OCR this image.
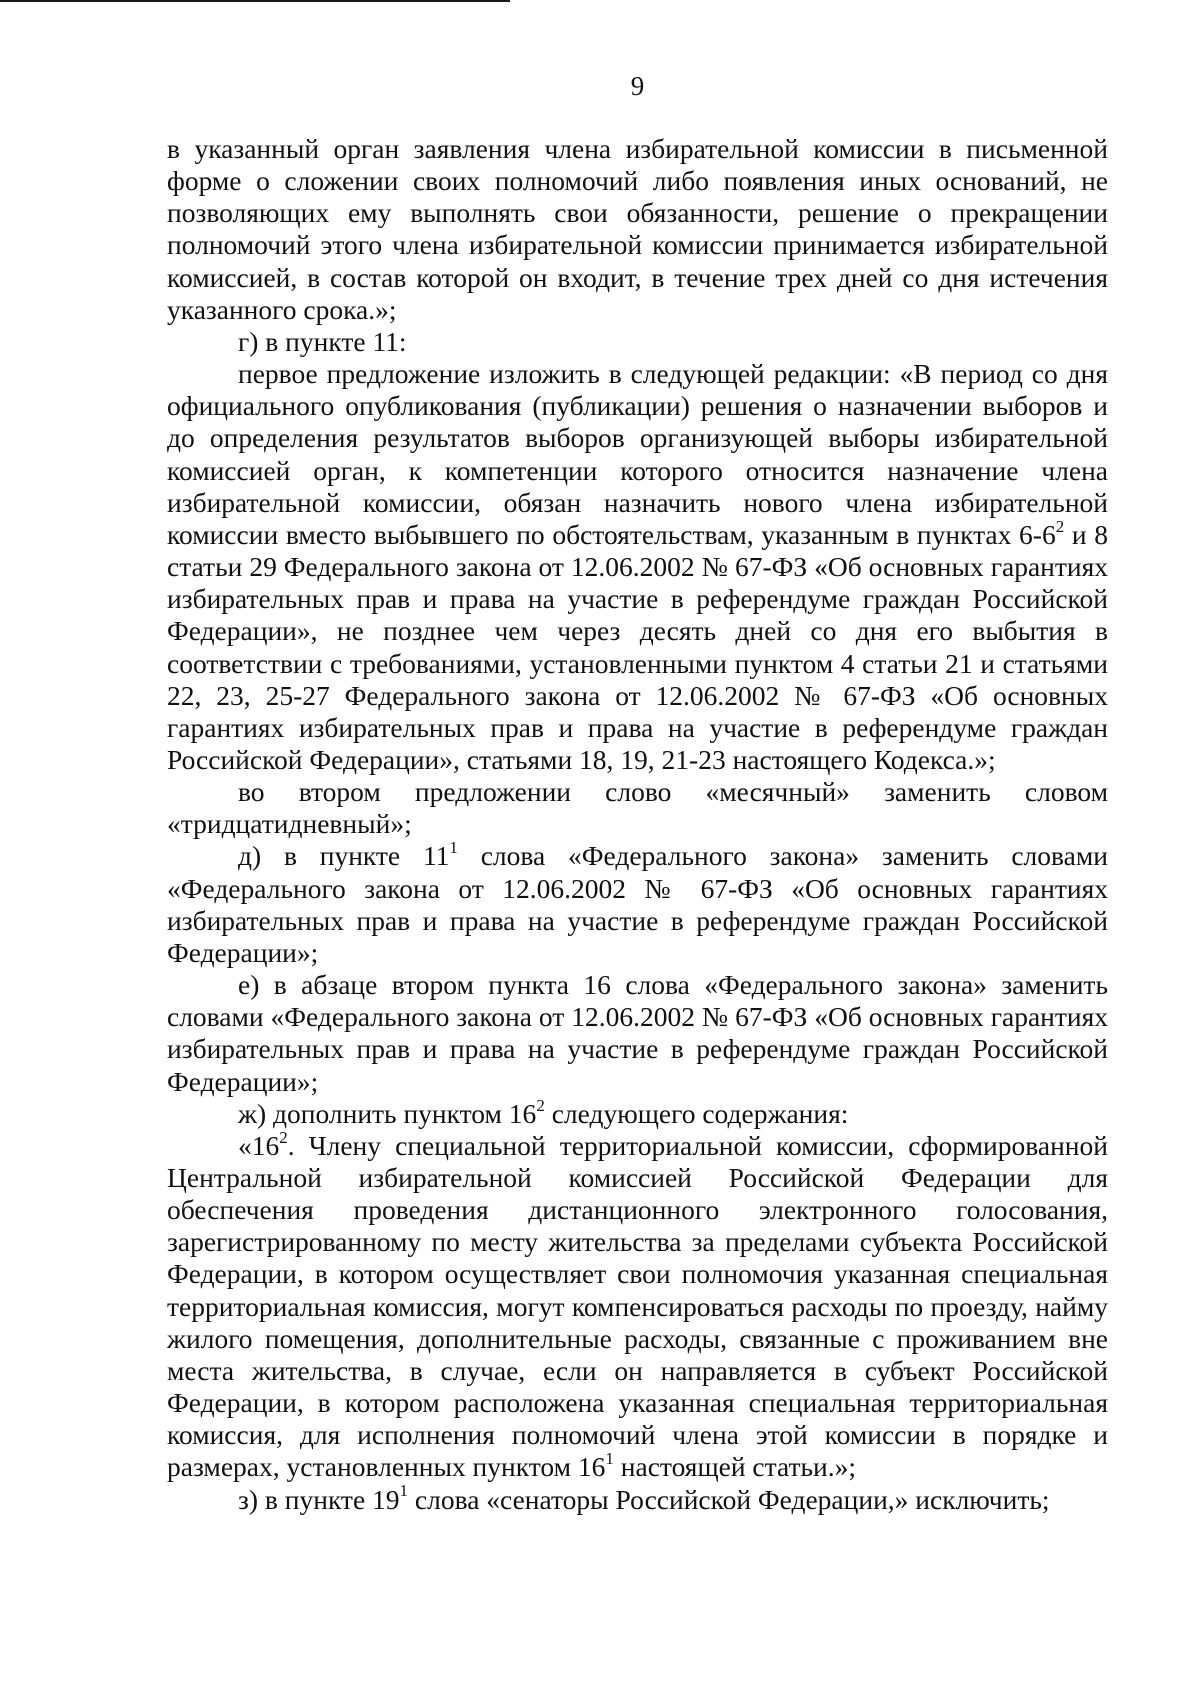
9

в указанный орган заявления члена избирательной комиссии в письменной форме о сложении своих полномочий либо появления иных оснований, не позволяющих ему выполнять свои обязанности, решение о прекращении полномочий этого члена избирательной комиссии принимается избирательной комиссией, в состав которой он входит, в течение трех дней со дня истечения указанного срока.»;

г) в пункте 11:

первое предложение изложить в следующей редакции: «В период со дня официального опубликования (публикации) решения о назначении выборов и до определения результатов выборов организующей выборы избирательной комиссией орган, к компетенции которого относится назначение члена избирательной комиссии, обязан назначить нового члена избирательной комиссии вместо выбывшего по обстоятельствам, указанным в пунктах $6-6^2$ и 8 статьи 29 Федерального закона от 12.06.2002 № 67-ФЗ «Об основных гарантиях избирательных прав и права на участие в референдуме граждан Российской Федерации», не позднее чем через десять дней со дня его выбытия в соответствии с требованиями, установленными пунктом 4 статьи 21 и статьями 22, 23, 25-27 Федерального закона от 12.06.2002 № 67-ФЗ «Об основных гарантиях избирательных прав и права на участие в референдуме граждан Российской Федерации», статьями 18, 19, 21-23 настоящего Кодекса.»;

во втором предложении слово «месячный» заменить словом «тридцатидневный»;

д) в пункте $11^1$ слова «Федерального закона» заменить словами «Федерального закона от 12.06.2002 № 67-ФЗ «Об основных гарантиях избирательных прав и права на участие в референдуме граждан Российской Федерации»;

е) в абзаце втором пункта 16 слова «Федерального закона» заменить словами «Федерального закона от 12.06.2002 № 67-ФЗ «Об основных гарантиях избирательных прав и права на участие в референдуме граждан Российской Федерации»;

ж) дополнить пунктом $16^2$ следующего содержания:

«$16^2$. Члену специальной территориальной комиссии, сформированной Центральной избирательной комиссией Российской Федерации для обеспечения проведения дистанционного электронного голосования, зарегистрированному по месту жительства за пределами субъекта Российской Федерации, в котором осуществляет свои полномочия указанная специальная территориальная комиссия, могут компенсироваться расходы по проезду, найму жилого помещения, дополнительные расходы, связанные с проживанием вне места жительства, в случае, если он направляется в субъект Российской Федерации, в котором расположена указанная специальная территориальная комиссия, для исполнения полномочий члена этой комиссии в порядке и размерах, установленных пунктом $16^1$ настоящей статьи.»;

з) в пункте $19^1$ слова «сенаторы Российской Федерации,» исключить;
